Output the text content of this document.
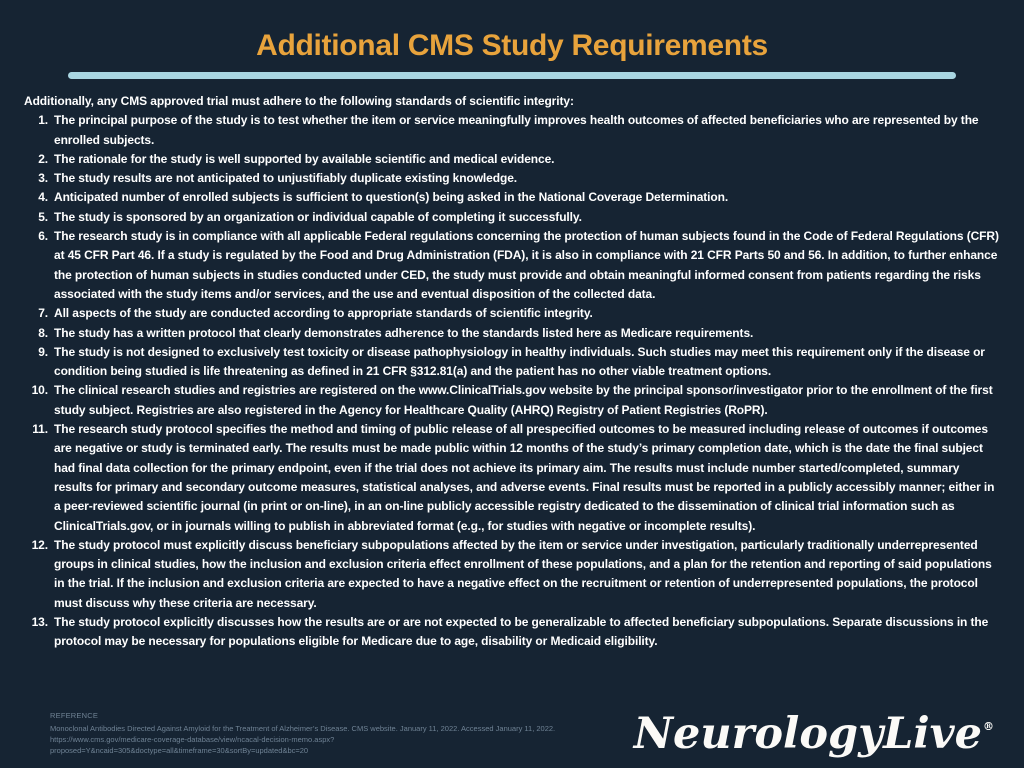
Additional CMS Study Requirements
Additionally, any CMS approved trial must adhere to the following standards of scientific integrity:
1. The principal purpose of the study is to test whether the item or service meaningfully improves health outcomes of affected beneficiaries who are represented by the enrolled subjects.
2. The rationale for the study is well supported by available scientific and medical evidence.
3. The study results are not anticipated to unjustifiably duplicate existing knowledge.
4. Anticipated number of enrolled subjects is sufficient to question(s) being asked in the National Coverage Determination.
5. The study is sponsored by an organization or individual capable of completing it successfully.
6. The research study is in compliance with all applicable Federal regulations concerning the protection of human subjects found in the Code of Federal Regulations (CFR) at 45 CFR Part 46. If a study is regulated by the Food and Drug Administration (FDA), it is also in compliance with 21 CFR Parts 50 and 56. In addition, to further enhance the protection of human subjects in studies conducted under CED, the study must provide and obtain meaningful informed consent from patients regarding the risks associated with the study items and/or services, and the use and eventual disposition of the collected data.
7. All aspects of the study are conducted according to appropriate standards of scientific integrity.
8. The study has a written protocol that clearly demonstrates adherence to the standards listed here as Medicare requirements.
9. The study is not designed to exclusively test toxicity or disease pathophysiology in healthy individuals. Such studies may meet this requirement only if the disease or condition being studied is life threatening as defined in 21 CFR §312.81(a) and the patient has no other viable treatment options.
10. The clinical research studies and registries are registered on the www.ClinicalTrials.gov website by the principal sponsor/investigator prior to the enrollment of the first study subject. Registries are also registered in the Agency for Healthcare Quality (AHRQ) Registry of Patient Registries (RoPR).
11. The research study protocol specifies the method and timing of public release of all prespecified outcomes to be measured including release of outcomes if outcomes are negative or study is terminated early. The results must be made public within 12 months of the study’s primary completion date, which is the date the final subject had final data collection for the primary endpoint, even if the trial does not achieve its primary aim. The results must include number started/completed, summary results for primary and secondary outcome measures, statistical analyses, and adverse events. Final results must be reported in a publicly accessibly manner; either in a peer-reviewed scientific journal (in print or on-line), in an on-line publicly accessible registry dedicated to the dissemination of clinical trial information such as ClinicalTrials.gov, or in journals willing to publish in abbreviated format (e.g., for studies with negative or incomplete results).
12. The study protocol must explicitly discuss beneficiary subpopulations affected by the item or service under investigation, particularly traditionally underrepresented groups in clinical studies, how the inclusion and exclusion criteria effect enrollment of these populations, and a plan for the retention and reporting of said populations in the trial. If the inclusion and exclusion criteria are expected to have a negative effect on the recruitment or retention of underrepresented populations, the protocol must discuss why these criteria are necessary.
13. The study protocol explicitly discusses how the results are or are not expected to be generalizable to affected beneficiary subpopulations. Separate discussions in the protocol may be necessary for populations eligible for Medicare due to age, disability or Medicaid eligibility.
REFERENCE
Monoclonal Antibodies Directed Against Amyloid for the Treatment of Alzheimer’s Disease. CMS website. January 11, 2022. Accessed January 11, 2022.
https://www.cms.gov/medicare-coverage-database/view/ncacal-decision-memo.aspx?
proposed=Y&ncaid=305&doctype=all&timeframe=30&sortBy=updated&bc=20	NeurologyLive®
